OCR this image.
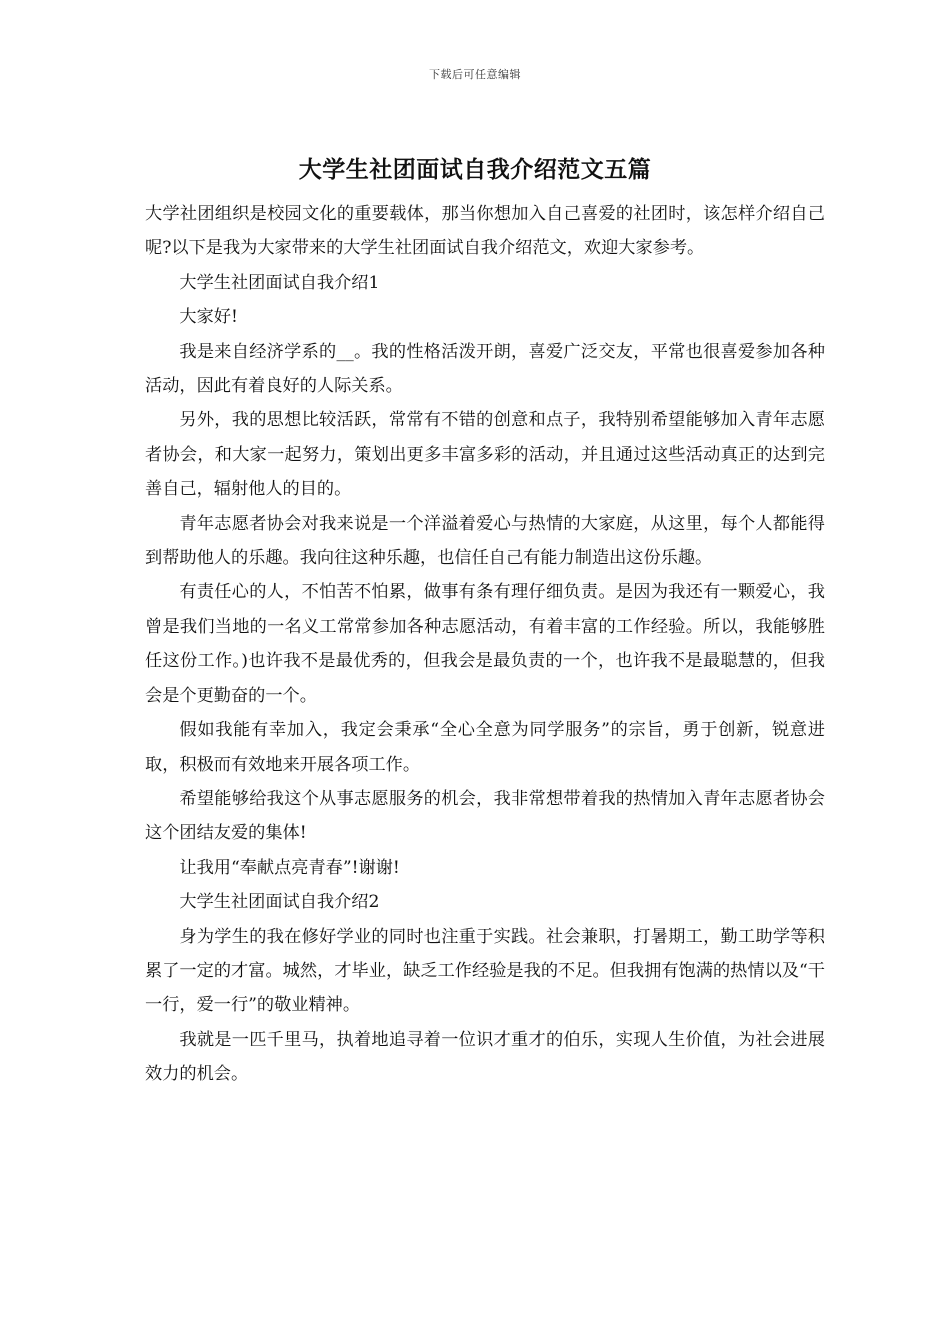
下载后可任意编辑
大学生社团面试自我介绍范文五篇

大学社团组织是校园文化的重要载体，那当你想加入自己喜爱的社团时，该怎样介绍自己呢?以下是我为大家带来的大学生社团面试自我介绍范文，欢迎大家参考。

大学生社团面试自我介绍1

大家好!

我是来自经济学系的__。我的性格活泼开朗，喜爱广泛交友，平常也很喜爱参加各种活动，因此有着良好的人际关系。

另外，我的思想比较活跃，常常有不错的创意和点子，我特别希望能够加入青年志愿者协会，和大家一起努力，策划出更多丰富多彩的活动，并且通过这些活动真正的达到完善自己，辐射他人的目的。

青年志愿者协会对我来说是一个洋溢着爱心与热情的大家庭，从这里，每个人都能得到帮助他人的乐趣。我向往这种乐趣，也信任自己有能力制造出这份乐趣。

有责任心的人，不怕苦不怕累，做事有条有理仔细负责。是因为我还有一颗爱心，我曾是我们当地的一名义工常常参加各种志愿活动，有着丰富的工作经验。所以，我能够胜任这份工作。)也许我不是最优秀的，但我会是最负责的一个，也许我不是最聪慧的，但我会是个更勤奋的一个。

假如我能有幸加入，我定会秉承“全心全意为同学服务”的宗旨，勇于创新，锐意进取，积极而有效地来开展各项工作。

希望能够给我这个从事志愿服务的机会，我非常想带着我的热情加入青年志愿者协会这个团结友爱的集体!

让我用“奉献点亮青春”!谢谢!

大学生社团面试自我介绍2

身为学生的我在修好学业的同时也注重于实践。社会兼职，打暑期工，勤工助学等积累了一定的才富。城然，才毕业，缺乏工作经验是我的不足。但我拥有饱满的热情以及“干一行，爱一行”的敬业精神。

我就是一匹千里马，执着地追寻着一位识才重才的伯乐，实现人生价值，为社会进展效力的机会。
